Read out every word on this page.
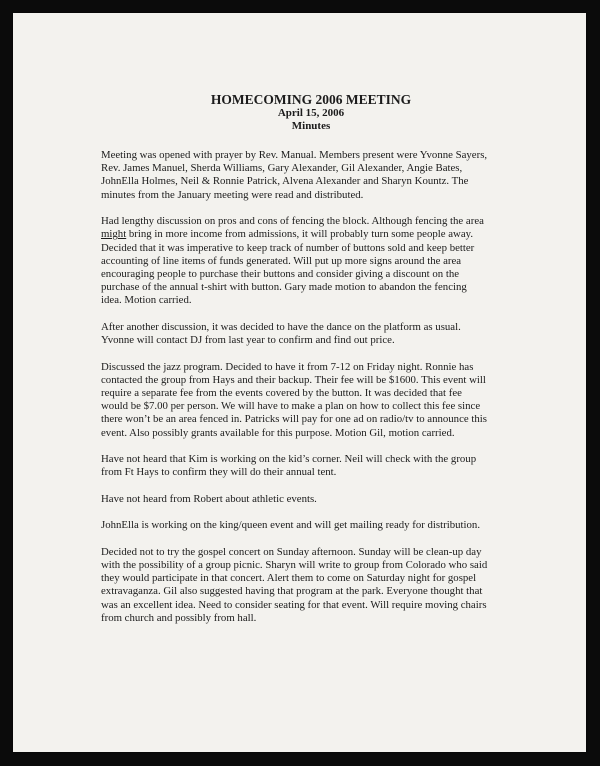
HOMECOMING 2006 MEETING

April 15, 2006

Minutes

Meeting was opened with prayer by Rev. Manual. Members present were Yvonne Sayers,
Rev. James Manuel, Sherda Williams, Gary Alexander, Gil Alexander, Angie Bates,
JohnElla Holmes, Neil & Ronnie Patrick, Alvena Alexander and Sharyn Kountz. The
minutes from the January meeting were read and distributed.

Had lengthy discussion on pros and cons of fencing the block. Although fencing the area
might bring in more income from admissions, it will probably turn some people away.
Decided that it was imperative to keep track of number of buttons sold and keep better
accounting of line items of funds generated. Will put up more signs around the area
encouraging people to purchase their buttons and consider giving a discount on the
purchase of the annual t-shirt with button. Gary made motion to abandon the fencing
idea. Motion carried.

After another discussion, it was decided to have the dance on the platform as usual.
Yvonne will contact DJ from last year to confirm and find out price.

Discussed the jazz program. Decided to have it from 7-12 on Friday night. Ronnie has
contacted the group from Hays and their backup. Their fee will be $1600. This event will
require a separate fee from the events covered by the button. It was decided that fee
would be $7.00 per person. We will have to make a plan on how to collect this fee since
there won’t be an area fenced in. Patricks will pay for one ad on radio/tv to announce this
event. Also possibly grants available for this purpose. Motion Gil, motion carried.

Have not heard that Kim is working on the kid’s corner. Neil will check with the group
from Ft Hays to confirm they will do their annual tent.

Have not heard from Robert about athletic events.

JohnElla is working on the king/queen event and will get mailing ready for distribution.

Decided not to try the gospel concert on Sunday afternoon. Sunday will be clean-up day
with the possibility of a group picnic. Sharyn will write to group from Colorado who said
they would participate in that concert. Alert them to come on Saturday night for gospel
extravaganza. Gil also suggested having that program at the park. Everyone thought that
was an excellent idea. Need to consider seating for that event. Will require moving chairs
from church and possibly from hall.
